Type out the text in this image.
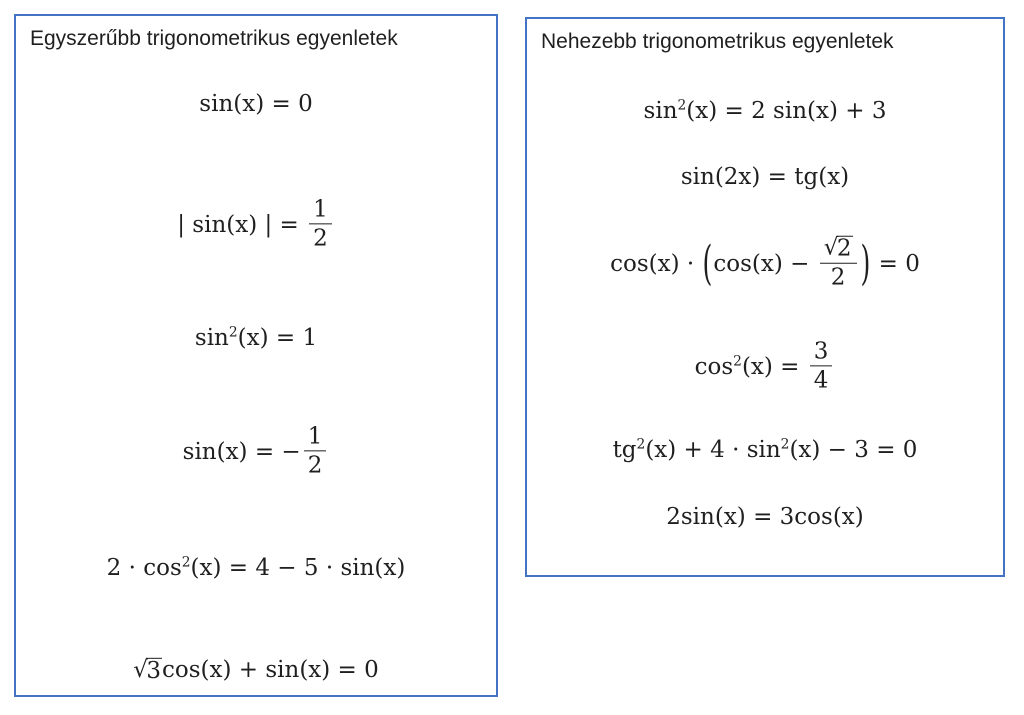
Egyszerűbb trigonometrikus egyenletek
sin(x) = 0
| sin(x) | = $\frac{1}{2}$
$\sin^2(x) = 1$
sin(x) = − $\frac{1}{2}$
$2 \cdot \cos^2(x) = 4 - 5 \cdot \sin(x)$
√
3 cos(x) + sin(x) = 0
Nehezebb trigonometrikus egyenletek
$\sin^2(x) = 2$ sin(x) + 3
sin(2x) = tg(x)
cos(x) · (cos(x) − √
2
2 ) = 0
$\cos^2(x) = \frac{3}{4}$
$tg^2(x) + 4 \cdot \sin^2(x) - 3 = 0$
2sin(x) = 3cos(x)
